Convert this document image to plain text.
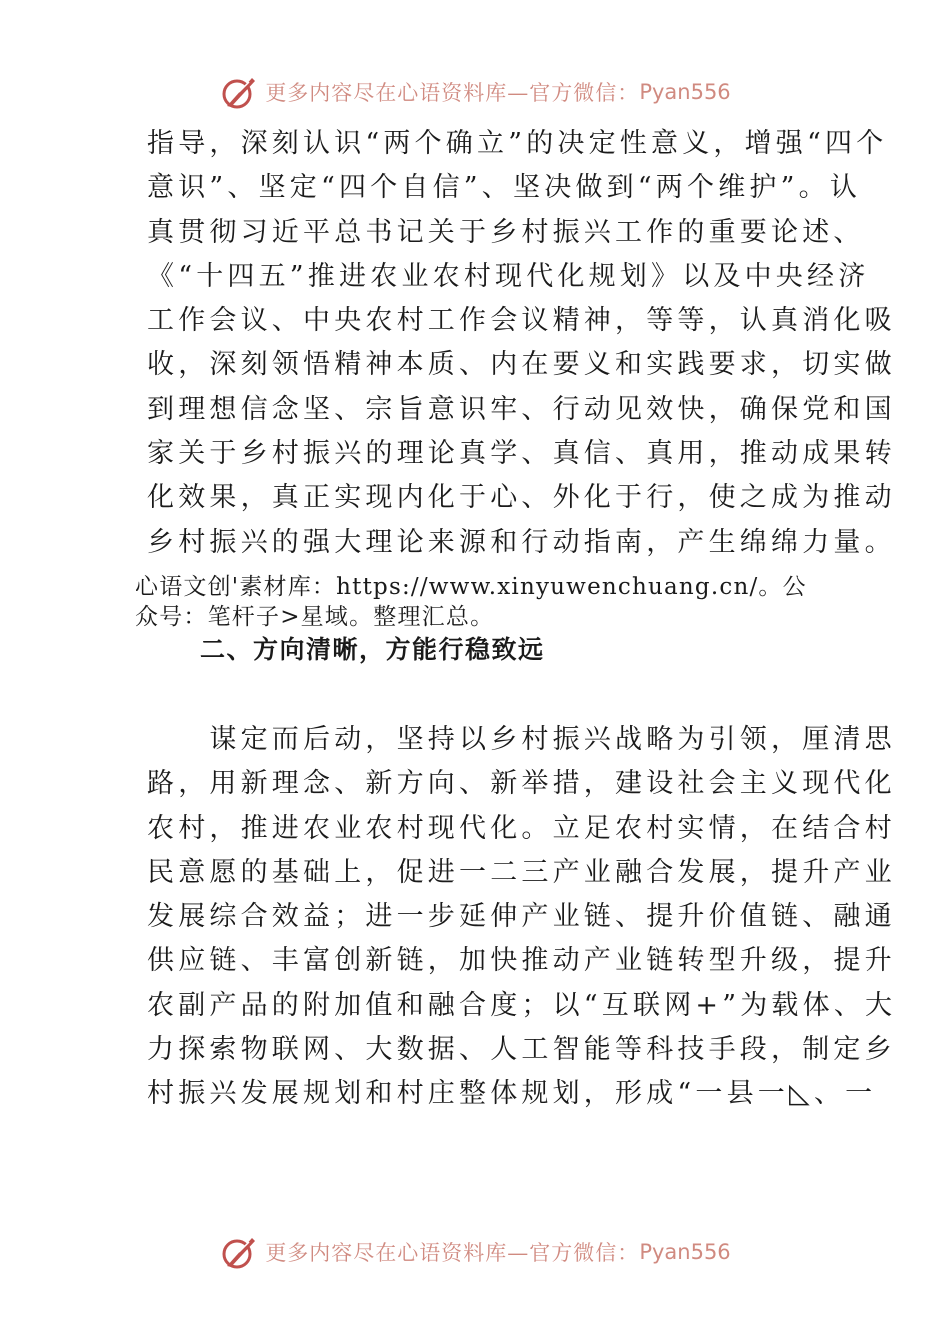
更多内容尽在心语资料库—官方微信： Pyan556
指导，深刻认识“两个确立”的决定性意义，增强“四个
意识”、坚定“四个自信”、坚决做到“两个维护”。认
真贯彻习近平总书记关于乡村振兴工作的重要论述、
《“十四五”推进农业农村现代化规划》以及中央经济
工作会议、中央农村工作会议精神，等等，认真消化吸
收，深刻领悟精神本质、内在要义和实践要求，切实做
到理想信念坚、宗旨意识牢、行动见效快，确保党和国
家关于乡村振兴的理论真学、真信、真用，推动成果转
化效果，真正实现内化于心、外化于行，使之成为推动
乡村振兴的强大理论来源和行动指南，产生绵绵力量。
心语文创'素材库：https://www.xinyuwenchuang.cn/。公
众号：笔杆子>星域。整理汇总。
二、方向清晰，方能行稳致远
　　谋定而后动，坚持以乡村振兴战略为引领，厘清思
路，用新理念、新方向、新举措，建设社会主义现代化
农村，推进农业农村现代化。立足农村实情，在结合村
民意愿的基础上，促进一二三产业融合发展，提升产业
发展综合效益；进一步延伸产业链、提升价值链、融通
供应链、丰富创新链，加快推动产业链转型升级，提升
农副产品的附加值和融合度；以“互联网+”为载体、大
力探索物联网、大数据、人工智能等科技手段，制定乡
村振兴发展规划和村庄整体规划，形成“一县一◺、一
更多内容尽在心语资料库—官方微信： Pyan556
